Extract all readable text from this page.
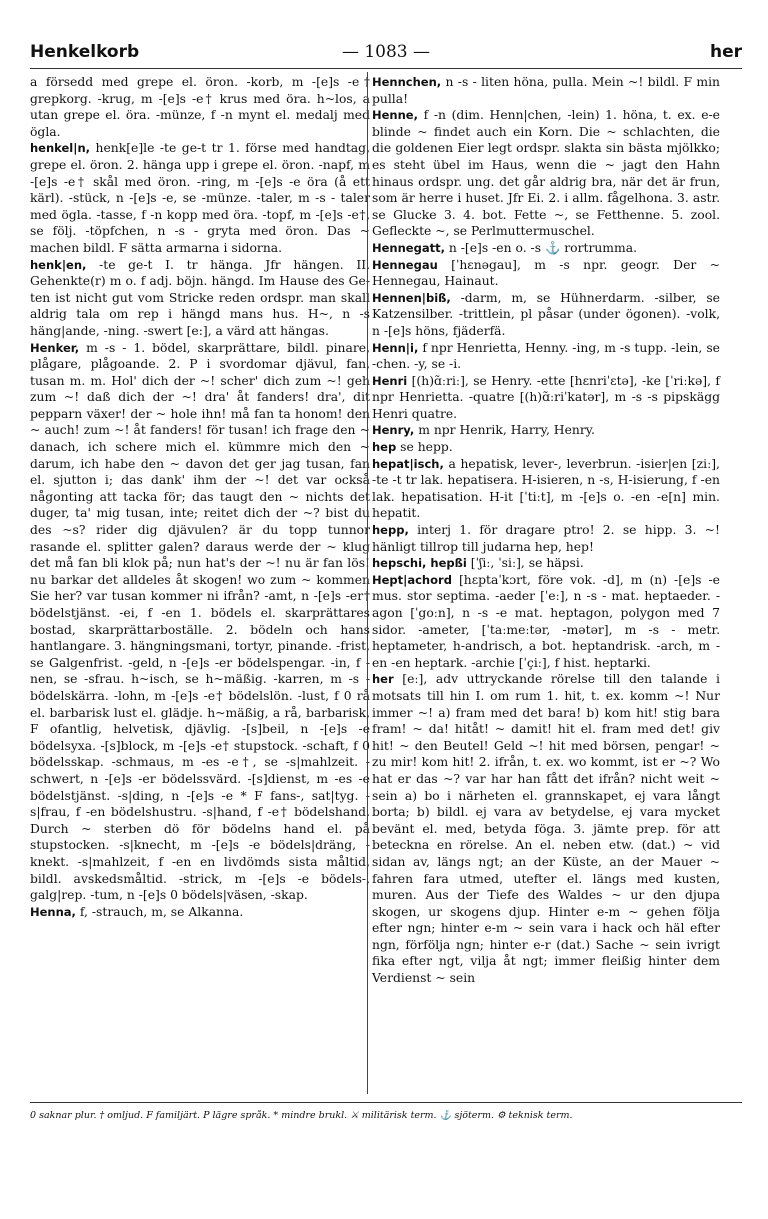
Henkelkorb	— 1083 —	her

a försedd med grepe el. öron. -korb, m -[e]s -e† grepkorg. -krug, m -[e]s -e† krus med öra. h~los, a utan grepe el. öra. -münze, f -n mynt el. medalj med ögla.

henkel|n, henk[e]le -te ge-t tr 1. förse med handtag, grepe el. öron. 2. hänga upp i grepe el. öron. -napf, m -[e]s -e† skål med öron. -ring, m -[e]s -e öra (å ett kärl). -stück, n -[e]s -e, se -münze. -taler, m -s - taler med ögla. -tasse, f -n kopp med öra. -topf, m -[e]s -e†, se följ. -töpfchen, n -s - gryta med öron. Das ~ machen bildl. F sätta armarna i sidorna.

henk|en, -te ge-t I. tr hänga. Jfr hängen. II. Gehenkte(r) m o. f adj. böjn. hängd. Im Hause des Ge-ten ist nicht gut vom Stricke reden ordspr. man skall aldrig tala om rep i hängd mans hus. H~, n -s häng|ande, -ning. -swert [e:], a värd att hängas.

Henker, m -s - 1. bödel, skarprättare, bildl. pinare, plågare, plågoande. 2. P i svordomar djävul, fan, tusan m. m. Hol' dich der ~! scher' dich zum ~! geh zum ~! daß dich der ~! dra' åt fanders! dra', dit pepparn växer! der ~ hole ihn! må fan ta honom! den ~ auch! zum ~! åt fanders! för tusan! ich frage den ~ danach, ich schere mich el. kümmre mich den ~ darum, ich habe den ~ davon det ger jag tusan, fan el. sjutton i; das dank' ihm der ~! det var också någonting att tacka för; das taugt den ~ nichts det duger, ta' mig tusan, inte; reitet dich der ~? bist du des ~s? rider dig djävulen? är du topp tunnor rasande el. splitter galen? daraus werde der ~ klug det må fan bli klok på; nun hat's der ~! nu är fan lös! nu barkar det alldeles åt skogen! wo zum ~ kommen Sie her? var tusan kommer ni ifrån? -amt, n -[e]s -er† bödelstjänst. -ei, f -en 1. bödels el. skarprättares bostad, skarprättarboställe. 2. bödeln och hans hantlangare. 3. hängningsmani, tortyr, pinande. -frist, se Galgenfrist. -geld, n -[e]s -er bödelspengar. -in, f -nen, se -sfrau. h~isch, se h~mäßig. -karren, m -s - bödelskärra. -lohn, m -[e]s -e† bödelslön. -lust, f 0 rå el. barbarisk lust el. glädje. h~mäßig, a rå, barbarisk, F ofantlig, helvetisk, djävlig. -[s]beil, n -[e]s -e bödelsyxa. -[s]block, m -[e]s -e† stupstock. -schaft, f 0 bödelsskap. -schmaus, m -es -e†, se -s|mahlzeit. -schwert, n -[e]s -er bödelssvärd. -[s]dienst, m -es -e bödelstjänst. -s|ding, n -[e]s -e * F fans-, sat|tyg. -s|frau, f -en bödelshustru. -s|hand, f -e† bödelshand. Durch ~ sterben dö för bödelns hand el. på stupstocken. -s|knecht, m -[e]s -e bödels|dräng, -knekt. -s|mahlzeit, f -en en livdömds sista måltid, bildl. avskedsmåltid. -strick, m -[e]s -e bödels-, galg|rep. -tum, n -[e]s 0 bödels|väsen, -skap.

Henna, f, -strauch, m, se Alkanna.

Hennchen, n -s - liten höna, pulla. Mein ~! bildl. F min pulla!

Henne, f -n (dim. Henn|chen, -lein) 1. höna, t. ex. e-e blinde ~ findet auch ein Korn. Die ~ schlachten, die die goldenen Eier legt ordspr. slakta sin bästa mjölkko; es steht übel im Haus, wenn die ~ jagt den Hahn hinaus ordspr. ung. det går aldrig bra, när det är frun, som är herre i huset. Jfr Ei. 2. i allm. fågelhona. 3. astr. se Glucke 3. 4. bot. Fette ~, se Fetthenne. 5. zool. Gefleckte ~, se Perlmuttermuschel.

Hennegatt, n -[e]s -en o. -s ⚓ rortrumma.

Hennegau [ˈhɛnəgau], m -s npr. geogr. Der ~ Hennegau, Hainaut.

Hennen|biß, -darm, m, se Hühnerdarm. -silber, se Katzensilber. -trittlein, pl påsar (under ögonen). -volk, n -[e]s höns, fjäderfä.

Henn|i, f npr Henrietta, Henny. -ing, m -s tupp. -lein, se -chen. -y, se -i.

Henri [(h)ɑ̃ːriː], se Henry. -ette [hɛnriˈɛtə], -ke [ˈriːkə], f npr Henrietta. -quatre [(h)ɑ̃ːriˈkatər], m -s -s pipskägg Henri quatre.

Henry, m npr Henrik, Harry, Henry.

hep se hepp.

hepat|isch, a hepatisk, lever-, leverbrun. -isier|en [ziː], -te -t tr lak. hepatisera. H-isieren, n -s, H-isierung, f -en lak. hepatisation. H-it [ˈtiːt], m -[e]s o. -en -e[n] min. hepatit.

hepp, interj 1. för dragare ptro! 2. se hipp. 3. ~! hänligt tillrop till judarna hep, hep!

hepschi, hepßi [ˈʃiː, ˈsiː], se häpsi.

Hept|achord [hɛptaˈkɔrt, före vok. -d], m (n) -[e]s -e mus. stor septima. -aeder [ˈeː], n -s - mat. heptaeder. -agon [ˈgoːn], n -s -e mat. heptagon, polygon med 7 sidor. -ameter, [ˈtaːmeːtər, -mətər], m -s - metr. heptameter, h-andrisch, a bot. heptandrisk. -arch, m -en -en heptark. -archie [ˈçiː], f hist. heptarki.

her [eː], adv uttryckande rörelse till den talande i motsats till hin I. om rum 1. hit, t. ex. komm ~! Nur immer ~! a) fram med det bara! b) kom hit! stig bara fram! ~ da! hitåt! ~ damit! hit el. fram med det! giv hit! ~ den Beutel! Geld ~! hit med börsen, pengar! ~ zu mir! kom hit! 2. ifrån, t. ex. wo kommt, ist er ~? Wo hat er das ~? var har han fått det ifrån? nicht weit ~ sein a) bo i närheten el. grannskapet, ej vara långt borta; b) bildl. ej vara av betydelse, ej vara mycket bevänt el. med, betyda föga. 3. jämte prep. för att beteckna en rörelse. An el. neben etw. (dat.) ~ vid sidan av, längs ngt; an der Küste, an der Mauer ~ fahren fara utmed, utefter el. längs med kusten, muren. Aus der Tiefe des Waldes ~ ur den djupa skogen, ur skogens djup. Hinter e-m ~ gehen följa efter ngn; hinter e-m ~ sein vara i hack och häl efter ngn, förfölja ngn; hinter e-r (dat.) Sache ~ sein ivrigt fika efter ngt, vilja åt ngt; immer fleißig hinter dem Verdienst ~ sein

0 saknar plur. † omljud. F familjärt. P lägre språk. * mindre brukl. ⚔ militärisk term. ⚓ sjöterm. ⚙ teknisk term.
